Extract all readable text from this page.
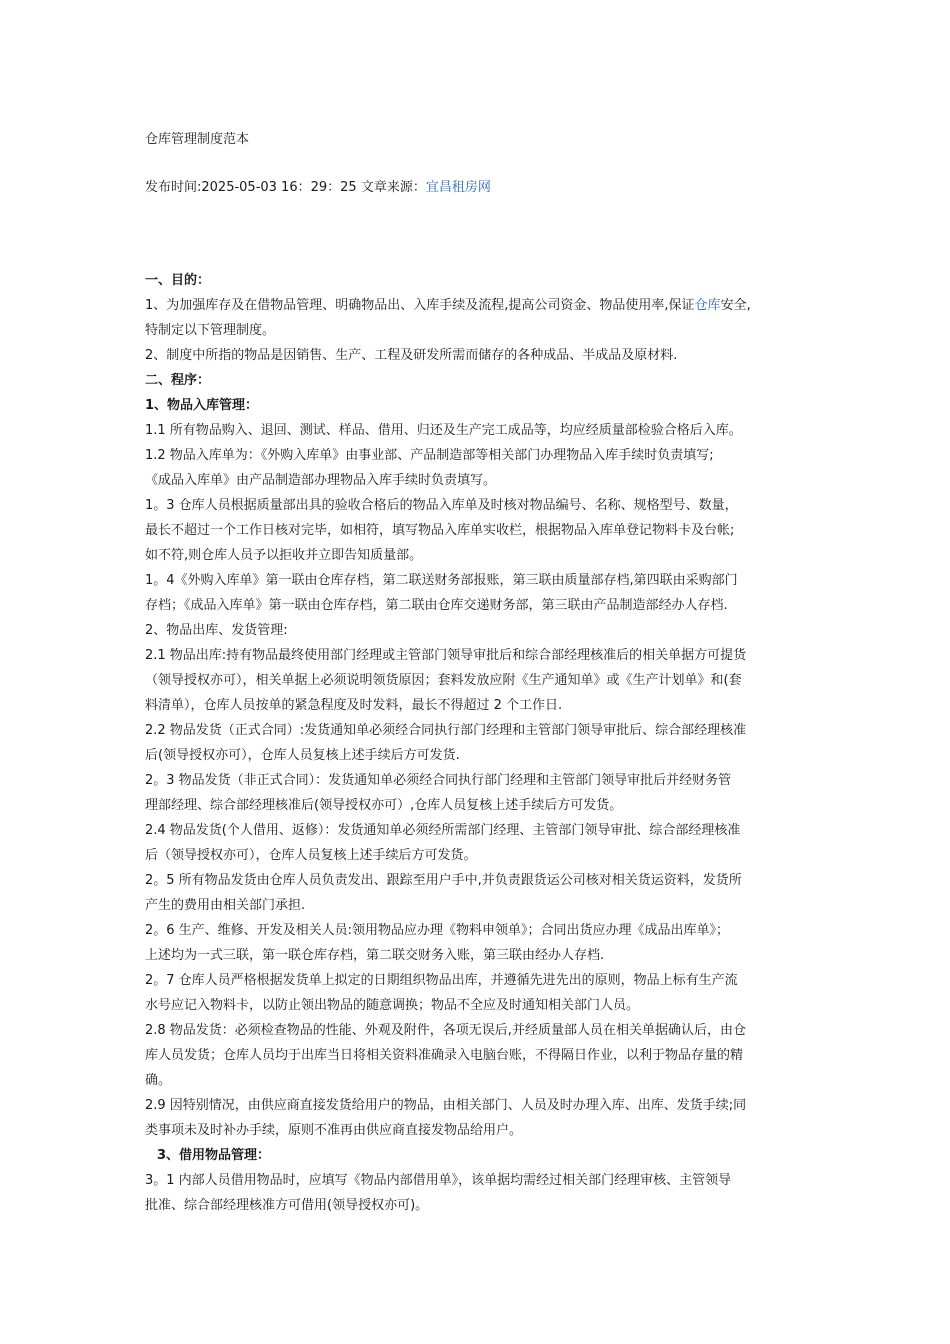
仓库管理制度范本
发布时间:2025-05-03 16：29：25 文章来源：宜昌租房网
一、目的：
1、为加强库存及在借物品管理、明确物品出、入库手续及流程,提高公司资金、物品使用率,保证仓库安全,
特制定以下管理制度。
2、制度中所指的物品是因销售、生产、工程及研发所需而储存的各种成品、半成品及原材料.
二、程序：
1、物品入库管理：
1.1 所有物品购入、退回、测试、样品、借用、归还及生产完工成品等，均应经质量部检验合格后入库。
1.2 物品入库单为：《外购入库单》由事业部、产品制造部等相关部门办理物品入库手续时负责填写;
《成品入库单》由产品制造部办理物品入库手续时负责填写。
1。3 仓库人员根据质量部出具的验收合格后的物品入库单及时核对物品编号、名称、规格型号、数量，
最长不超过一个工作日核对完毕，如相符，填写物品入库单实收栏，根据物品入库单登记物料卡及台帐;
如不符,则仓库人员予以拒收并立即告知质量部。
1。4《外购入库单》第一联由仓库存档，第二联送财务部报账，第三联由质量部存档,第四联由采购部门
存档；《成品入库单》第一联由仓库存档，第二联由仓库交递财务部，第三联由产品制造部经办人存档.
2、物品出库、发货管理:
2.1 物品出库:持有物品最终使用部门经理或主管部门领导审批后和综合部经理核准后的相关单据方可提货
（领导授权亦可），相关单据上必须说明领货原因；套料发放应附《生产通知单》或《生产计划单》和(套
料清单），仓库人员按单的紧急程度及时发料，最长不得超过 2 个工作日.
2.2 物品发货（正式合同）:发货通知单必须经合同执行部门经理和主管部门领导审批后、综合部经理核准
后(领导授权亦可），仓库人员复核上述手续后方可发货.
2。3 物品发货（非正式合同）：发货通知单必须经合同执行部门经理和主管部门领导审批后并经财务管
理部经理、综合部经理核准后(领导授权亦可）,仓库人员复核上述手续后方可发货。
2.4 物品发货(个人借用、返修）：发货通知单必须经所需部门经理、主管部门领导审批、综合部经理核准
后（领导授权亦可），仓库人员复核上述手续后方可发货。
2。5 所有物品发货由仓库人员负责发出、跟踪至用户手中,并负责跟货运公司核对相关货运资料，发货所
产生的费用由相关部门承担.
2。6 生产、维修、开发及相关人员:领用物品应办理《物料申领单》；合同出货应办理《成品出库单》；
上述均为一式三联，第一联仓库存档，第二联交财务入账，第三联由经办人存档.
2。7 仓库人员严格根据发货单上拟定的日期组织物品出库，并遵循先进先出的原则，物品上标有生产流
水号应记入物料卡，以防止领出物品的随意调换；物品不全应及时通知相关部门人员。
2.8 物品发货：必须检查物品的性能、外观及附件，各项无误后,并经质量部人员在相关单据确认后，由仓
库人员发货；仓库人员均于出库当日将相关资料准确录入电脑台账，不得隔日作业，以利于物品存量的精
确。
2.9 因特别情况，由供应商直接发货给用户的物品，由相关部门、人员及时办理入库、出库、发货手续;同
类事项未及时补办手续，原则不准再由供应商直接发物品给用户。
3、借用物品管理：
3。1 内部人员借用物品时，应填写《物品内部借用单》，该单据均需经过相关部门经理审核、主管领导
批准、综合部经理核准方可借用(领导授权亦可)。
